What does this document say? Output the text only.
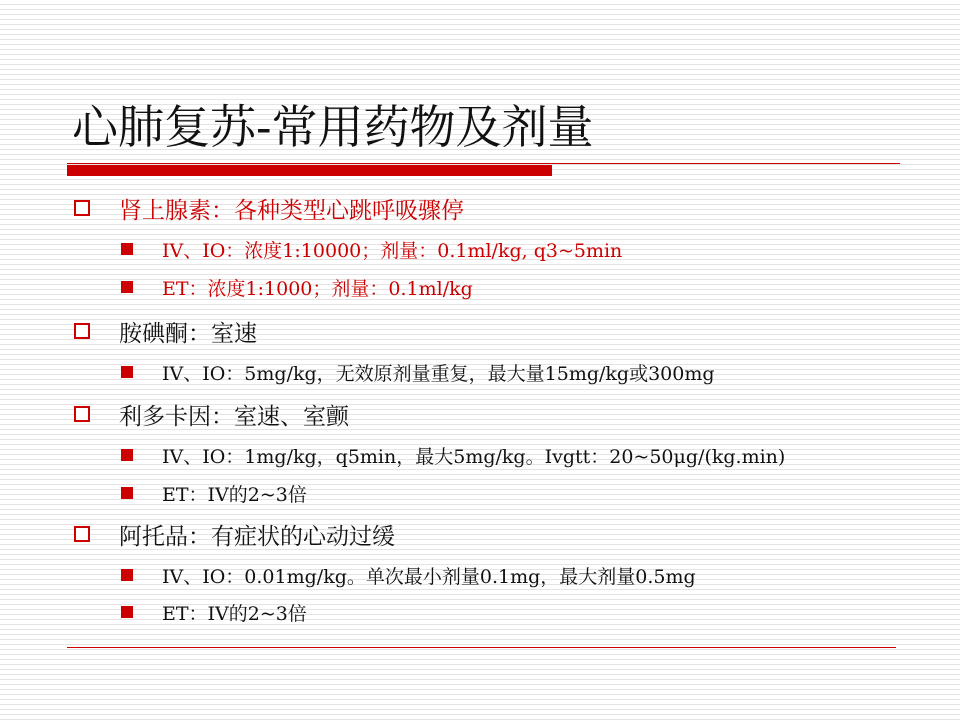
心肺复苏-常用药物及剂量
肾上腺素：各种类型心跳呼吸骤停
IV、IO：浓度1:10000；剂量：0.1ml/kg, q3~5min
ET：浓度1:1000；剂量：0.1ml/kg
胺碘酮：室速
IV、IO：5mg/kg，无效原剂量重复，最大量15mg/kg或300mg
利多卡因：室速、室颤
IV、IO：1mg/kg，q5min，最大5mg/kg。Ivgtt：20~50μg/(kg.min)
ET：IV的2~3倍
阿托品：有症状的心动过缓
IV、IO：0.01mg/kg。单次最小剂量0.1mg，最大剂量0.5mg
ET：IV的2~3倍
